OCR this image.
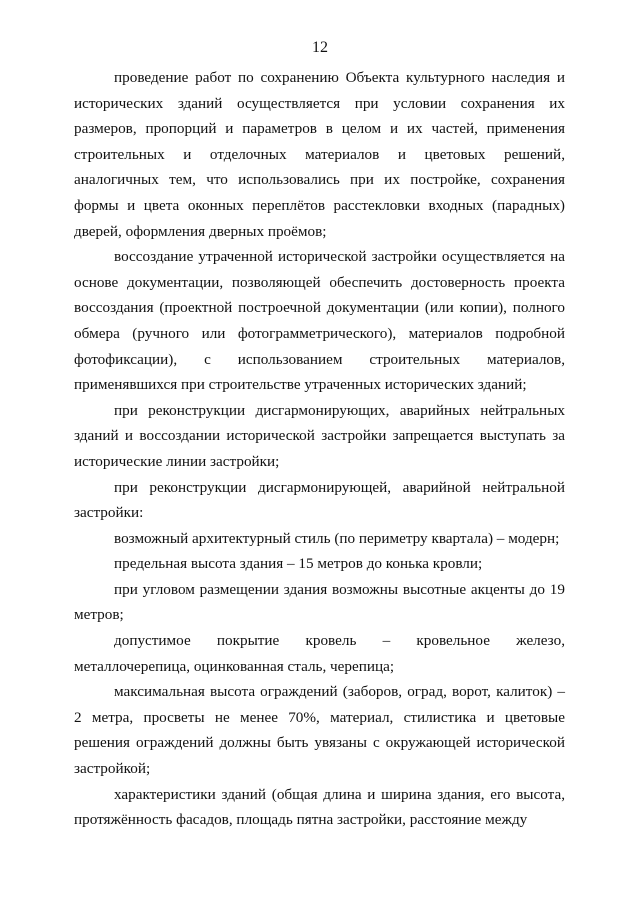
12

проведение работ по сохранению Объекта культурного наследия и исторических зданий осуществляется при условии сохранения их размеров, пропорций и параметров в целом и их частей, применения строительных и отделочных материалов и цветовых решений, аналогичных тем, что использовались при их постройке, сохранения формы и цвета оконных переплётов расстекловки входных (парадных) дверей, оформления дверных проёмов;

воссоздание утраченной исторической застройки осуществляется на основе документации, позволяющей обеспечить достоверность проекта воссоздания (проектной построечной документации (или копии), полного обмера (ручного или фотограмметрического), материалов подробной фотофиксации), с использованием строительных материалов, применявшихся при строительстве утраченных исторических зданий;

при реконструкции дисгармонирующих, аварийных нейтральных зданий и воссоздании исторической застройки запрещается выступать за исторические линии застройки;

при реконструкции дисгармонирующей, аварийной нейтральной застройки:

возможный архитектурный стиль (по периметру квартала) – модерн;

предельная высота здания – 15 метров до конька кровли;

при угловом размещении здания возможны высотные акценты до 19 метров;

допустимое покрытие кровель – кровельное железо, металлочерепица, оцинкованная сталь, черепица;

максимальная высота ограждений (заборов, оград, ворот, калиток) – 2 метра, просветы не менее 70%, материал, стилистика и цветовые решения ограждений должны быть увязаны с окружающей исторической застройкой;

характеристики зданий (общая длина и ширина здания, его высота, протяжённость фасадов, площадь пятна застройки, расстояние между
